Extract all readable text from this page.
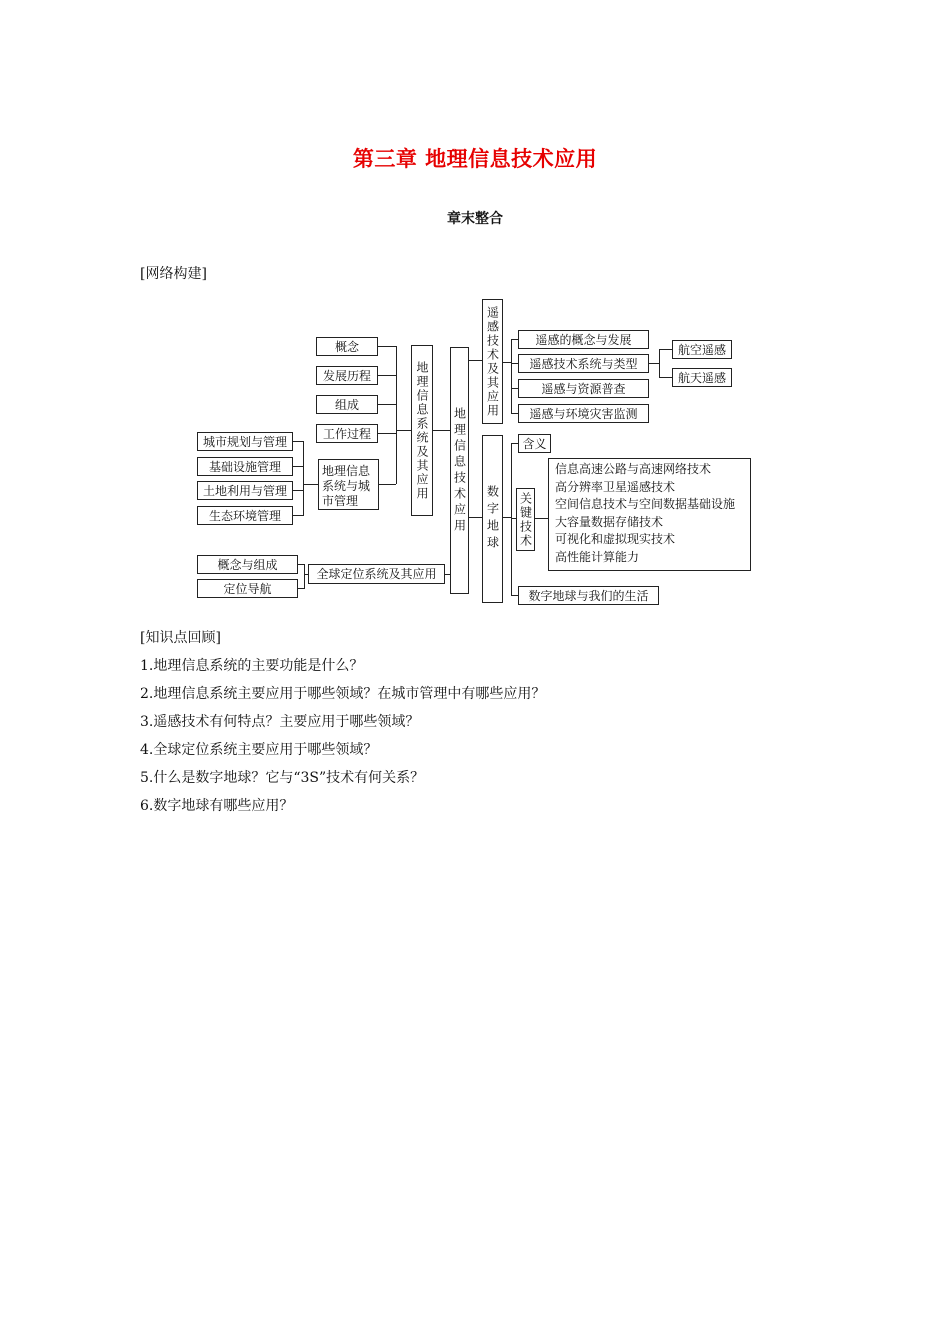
第三章 地理信息技术应用
章末整合
[网络构建]
概念
发展历程
组成
工作过程
地理信息系统与城市管理
城市规划与管理
基础设施管理
土地利用与管理
生态环境管理
地理信息系统及其应用 地理信息技术应用
概念与组成
定位导航
全球定位系统及其应用
遥感技术及其应用	遥感的概念与发展
遥感技术系统与类型
遥感与资源普查
遥感与环境灾害监测
航空遥感
航天遥感
数字地球
含义
关键技术
信息高速公路与高速网络技术
高分辨率卫星遥感技术
空间信息技术与空间数据基础设施
大容量数据存储技术
可视化和虚拟现实技术
高性能计算能力
数字地球与我们的生活
[知识点回顾]
1.地理信息系统的主要功能是什么？
2.地理信息系统主要应用于哪些领域？在城市管理中有哪些应用？
3.遥感技术有何特点？主要应用于哪些领域？
4.全球定位系统主要应用于哪些领域？
5.什么是数字地球？它与“3S”技术有何关系？
6.数字地球有哪些应用？
